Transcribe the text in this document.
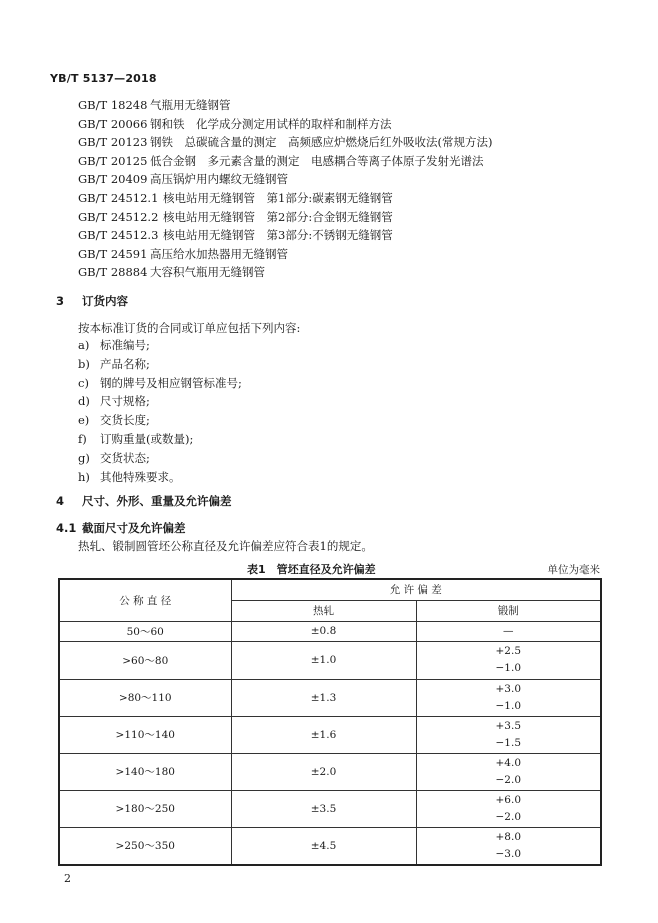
YB/T 5137—2018
GB/T 18248 气瓶用无缝钢管
GB/T 20066 钢和铁　化学成分测定用试样的取样和制样方法
GB/T 20123 钢铁　总碳硫含量的测定　高频感应炉燃烧后红外吸收法(常规方法)
GB/T 20125 低合金钢　多元素含量的测定　电感耦合等离子体原子发射光谱法
GB/T 20409 高压锅炉用内螺纹无缝钢管
GB/T 24512.1 核电站用无缝钢管　第1部分:碳素钢无缝钢管
GB/T 24512.2 核电站用无缝钢管　第2部分:合金钢无缝钢管
GB/T 24512.3 核电站用无缝钢管　第3部分:不锈钢无缝钢管
GB/T 24591 高压给水加热器用无缝钢管
GB/T 28884 大容积气瓶用无缝钢管
3 订货内容
按本标准订货的合同或订单应包括下列内容:
a) 标准编号;
b) 产品名称;
c) 钢的牌号及相应钢管标准号;
d) 尺寸规格;
e) 交货长度;
f) 订购重量(或数量);
g) 交货状态;
h) 其他特殊要求。
4 尺寸、外形、重量及允许偏差
4.1 截面尺寸及允许偏差
热轧、锻制圆管坯公称直径及允许偏差应符合表1的规定。
表1　管坯直径及允许偏差	单位为毫米
公 称 直 径	允 许 偏 差	
	热轧	锻制
50～60	±0.8	—
>60～80	±1.0	+2.5
−1.0

>80～110	±1.3	+3.0
−1.0

>110～140	±1.6	+3.5
−1.5

>140～180	±2.0	+4.0
−2.0

>180～250	±3.5	+6.0
−2.0

>250～350	±4.5	+8.0
−3.0
2
